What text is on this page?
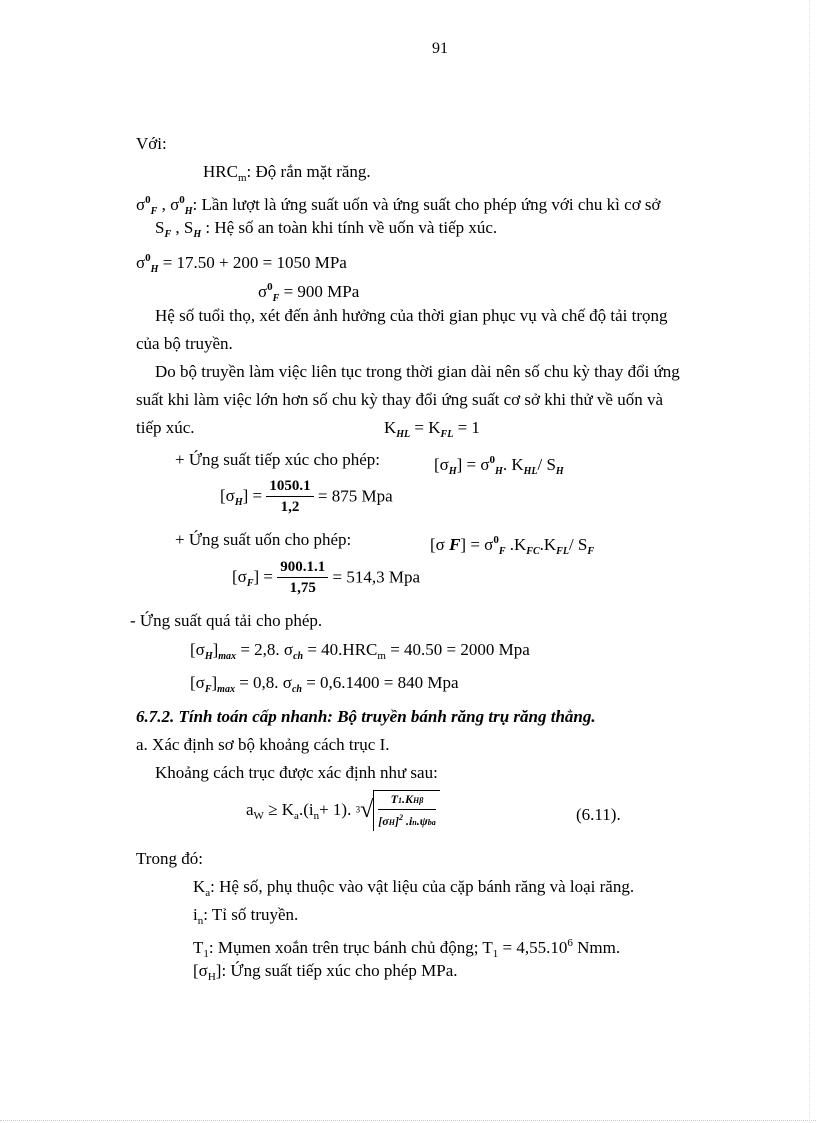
91
Với:
$HRC_m$: Độ rắn mặt răng.
$\sigma^0_F$ , $\sigma^0_H$: Lần lượt là ứng suất uốn và ứng suất cho phép ứng với chu kì cơ sở
$S_F$ , $S_H$ : Hệ số an toàn khi tính về uốn và tiếp xúc.
$\sigma^0_H = 17.50 + 200 = 1050$ MPa
$\sigma^0_F = 900$ MPa
Hệ số tuổi thọ, xét đến ảnh hưởng của thời gian phục vụ và chế độ tải trọng
của bộ truyền.
Do bộ truyền làm việc liên tục trong thời gian dài nên số chu kỳ thay đổi ứng
suất khi làm việc lớn hơn số chu kỳ thay đổi ứng suất cơ sở khi thử về uốn và
tiếp xúc.	$K_{HL} = K_{FL} = 1$
+ Ứng suất tiếp xúc cho phép:	$[\sigma_H] = \sigma^0_H$. $K_{HL}/$ $S_H$
$[\sigma_H] = \frac{1050.1}{1,2} = 875$ Mpa
+ Ứng suất uốn cho phép:	[σ $F] = \sigma^0_F$ $.K_{FC}.K_{FL}/$ $S_F$
$[\sigma_F] = \frac{900.1.1}{1,75} = 514,3$ Mpa
- Ứng suất quá tải cho phép.
$[\sigma_H]_{max} = 2,8$. $\sigma_{ch} = 40.HRC_m = 40.50 = 2000$ Mpa
$[\sigma_F]_{max} = 0,8$. $\sigma_{ch} = 0,6.1400 = 840$ Mpa
6.7.2. Tính toán cấp nhanh: Bộ truyền bánh răng trụ răng thẳng.
a. Xác định sơ bộ khoảng cách trục I.
Khoảng cách trục được xác định như sau:
$a_W \ge K_a.(i_n+ 1)$. $3√ \frac{\text{T1.KHβ}}{[\sigma H]^2 .in.\psi ba}$	(6.11).
Trong đó:
$K_a$: Hệ số, phụ thuộc vào vật liệu của cặp bánh răng và loại răng.
$i_n$: Tỉ số truyền.
$T_1$: Mụmen xoắn trên trục bánh chủ động; $T_1 = 4,55.10^6$ Nmm.
$[\sigma_H]$: Ứng suất tiếp xúc cho phép MPa.
